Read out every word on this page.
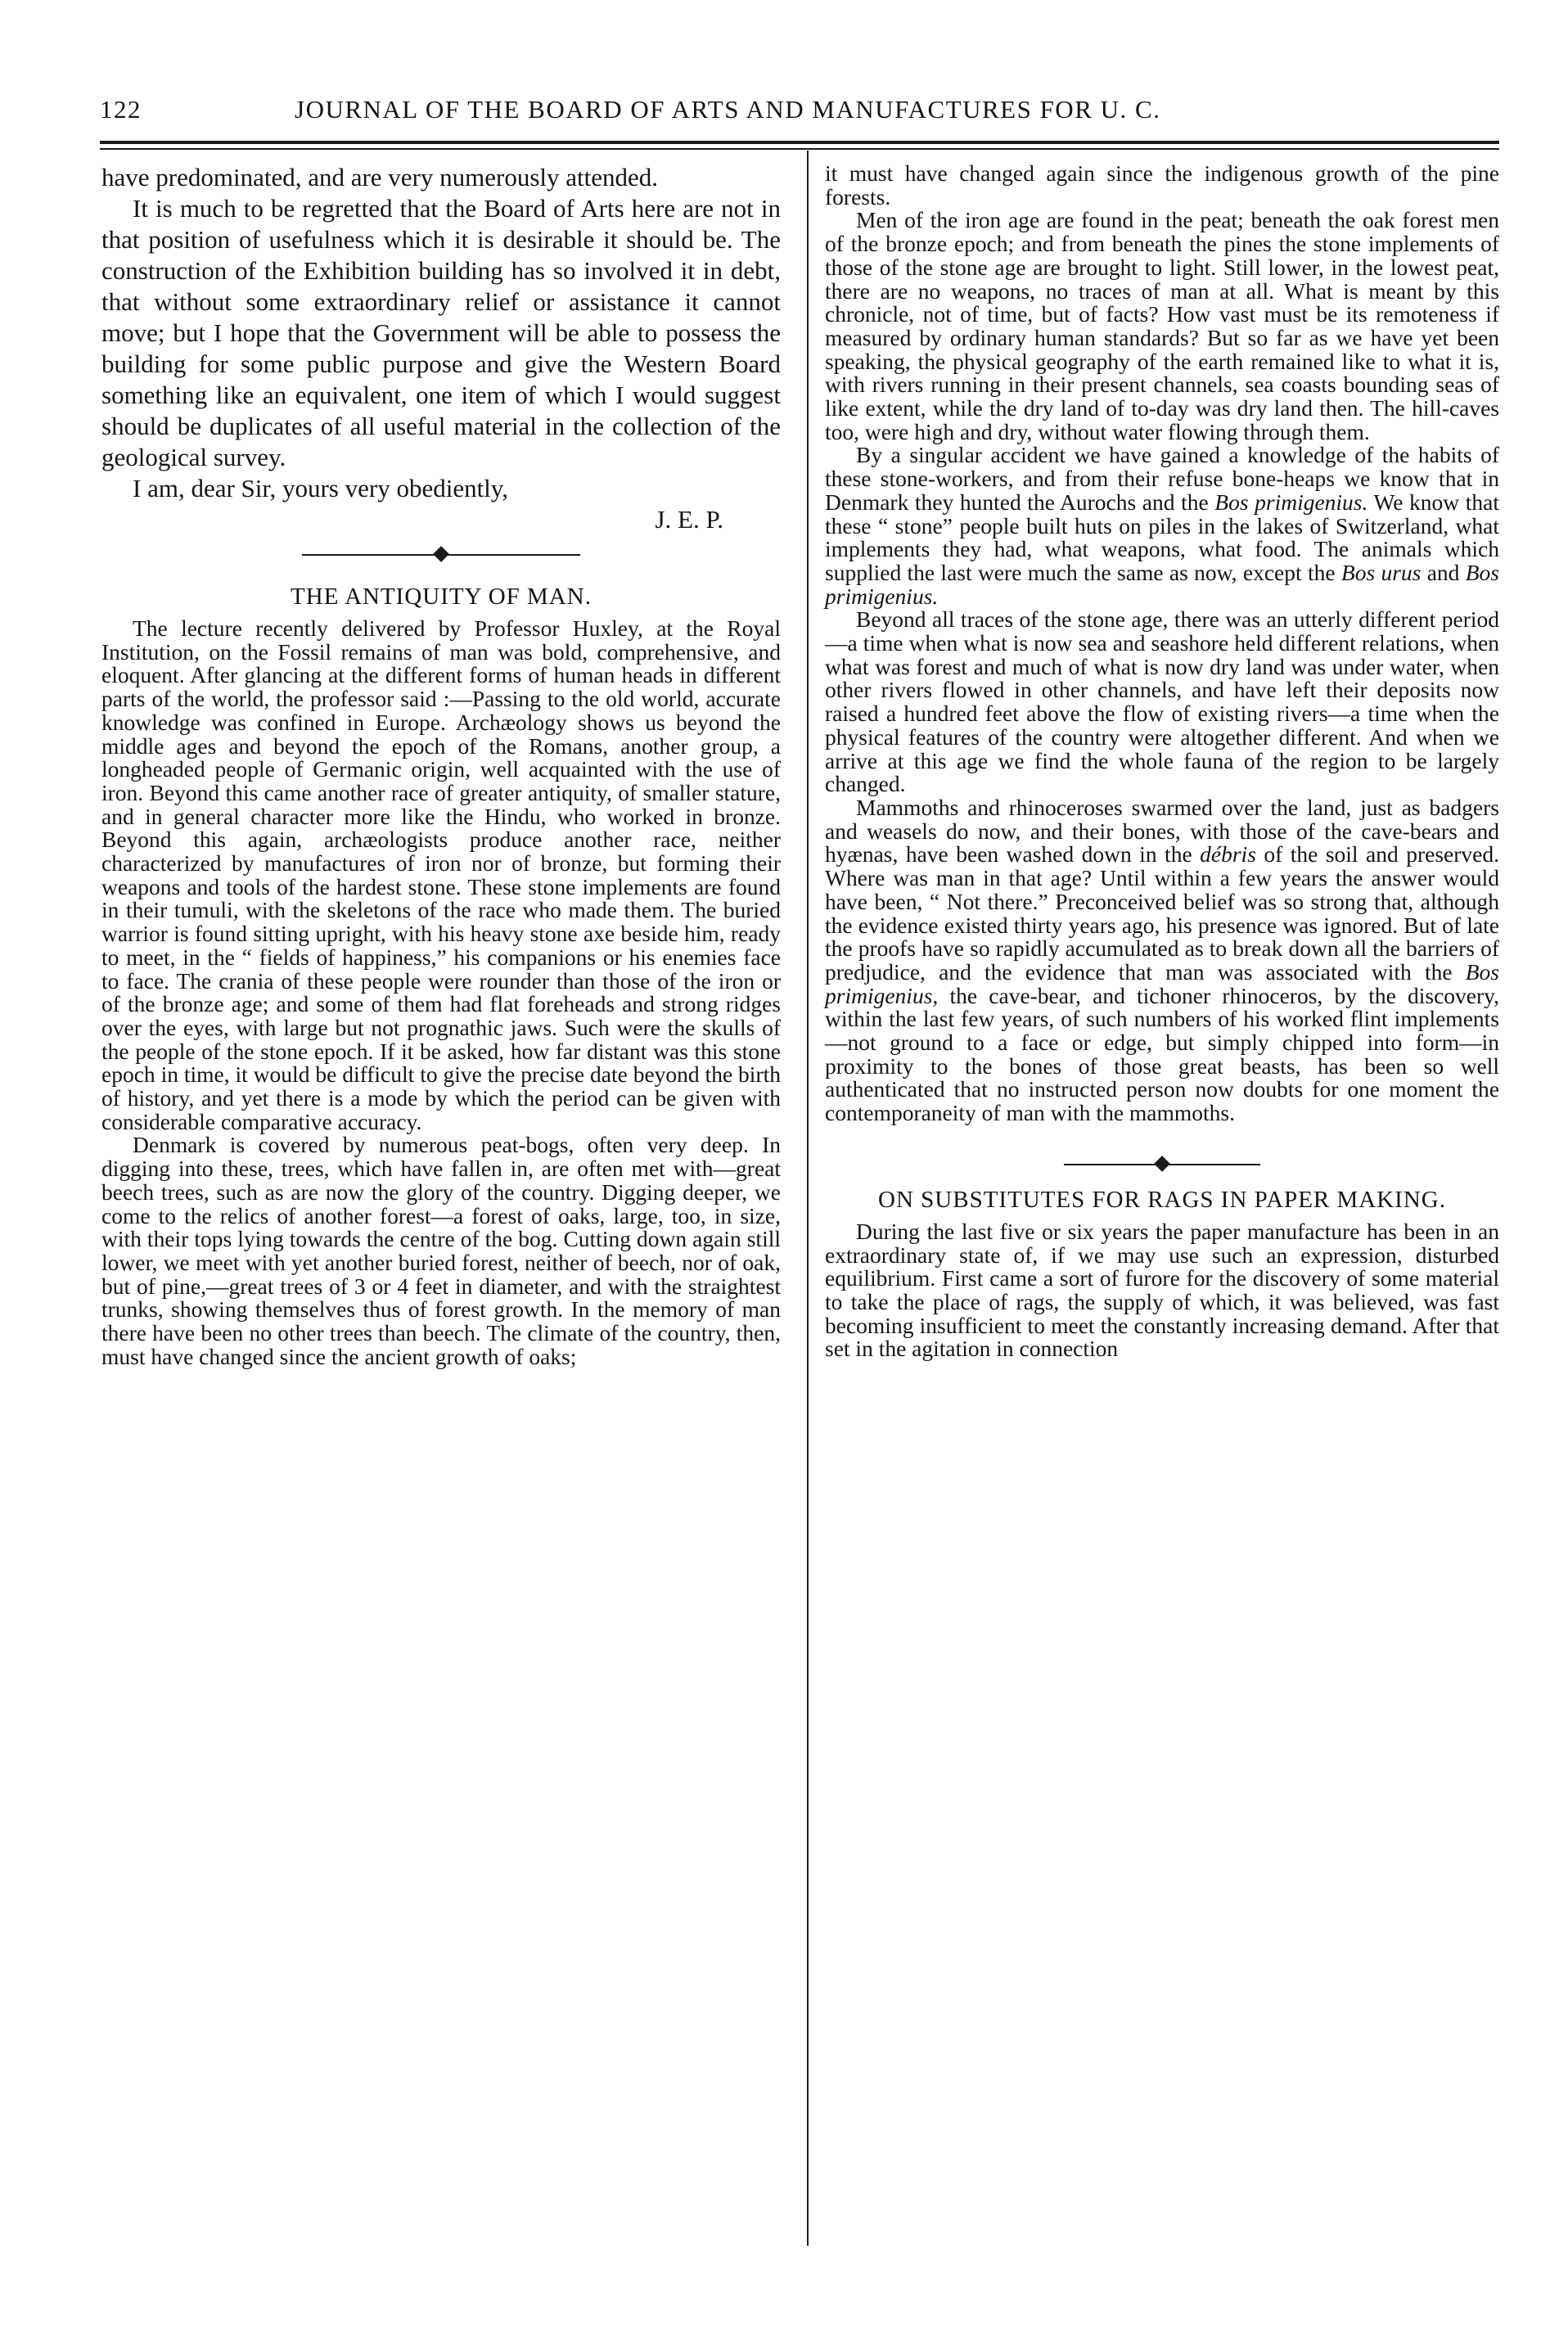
122	JOURNAL OF THE BOARD OF ARTS AND MANUFACTURES FOR U. C.

have predominated, and are very numerously attended.

It is much to be regretted that the Board of Arts here are not in that position of usefulness which it is desirable it should be. The construction of the Exhibition building has so involved it in debt, that without some extraordinary relief or assistance it cannot move; but I hope that the Government will be able to possess the building for some public purpose and give the Western Board something like an equivalent, one item of which I would suggest should be duplicates of all useful material in the collection of the geological survey.

I am, dear Sir, yours very obediently,

J. E. P.

THE ANTIQUITY OF MAN.

The lecture recently delivered by Professor Huxley, at the Royal Institution, on the Fossil remains of man was bold, comprehensive, and eloquent. After glancing at the different forms of human heads in different parts of the world, the professor said :—Passing to the old world, accurate knowledge was confined in Europe. Archæology shows us beyond the middle ages and beyond the epoch of the Romans, another group, a longheaded people of Germanic origin, well acquainted with the use of iron. Beyond this came another race of greater antiquity, of smaller stature, and in general character more like the Hindu, who worked in bronze. Beyond this again, archæologists produce another race, neither characterized by manufactures of iron nor of bronze, but forming their weapons and tools of the hardest stone. These stone implements are found in their tumuli, with the skeletons of the race who made them. The buried warrior is found sitting upright, with his heavy stone axe beside him, ready to meet, in the “ fields of happiness,” his companions or his enemies face to face. The crania of these people were rounder than those of the iron or of the bronze age; and some of them had flat foreheads and strong ridges over the eyes, with large but not prognathic jaws. Such were the skulls of the people of the stone epoch. If it be asked, how far distant was this stone epoch in time, it would be difficult to give the precise date beyond the birth of history, and yet there is a mode by which the period can be given with considerable comparative accuracy.

Denmark is covered by numerous peat-bogs, often very deep. In digging into these, trees, which have fallen in, are often met with—great beech trees, such as are now the glory of the country. Digging deeper, we come to the relics of another forest—a forest of oaks, large, too, in size, with their tops lying towards the centre of the bog. Cutting down again still lower, we meet with yet another buried forest, neither of beech, nor of oak, but of pine,—great trees of 3 or 4 feet in diameter, and with the straightest trunks, showing themselves thus of forest growth. In the memory of man there have been no other trees than beech. The climate of the country, then, must have changed since the ancient growth of oaks;

it must have changed again since the indigenous growth of the pine forests.

Men of the iron age are found in the peat; beneath the oak forest men of the bronze epoch; and from beneath the pines the stone implements of those of the stone age are brought to light. Still lower, in the lowest peat, there are no weapons, no traces of man at all. What is meant by this chronicle, not of time, but of facts? How vast must be its remoteness if measured by ordinary human standards? But so far as we have yet been speaking, the physical geography of the earth remained like to what it is, with rivers running in their present channels, sea coasts bounding seas of like extent, while the dry land of to-day was dry land then. The hill-caves too, were high and dry, without water flowing through them.

By a singular accident we have gained a knowledge of the habits of these stone-workers, and from their refuse bone-heaps we know that in Denmark they hunted the Aurochs and the Bos primigenius. We know that these “ stone” people built huts on piles in the lakes of Switzerland, what implements they had, what weapons, what food. The animals which supplied the last were much the same as now, except the Bos urus and Bos primigenius.

Beyond all traces of the stone age, there was an utterly different period—a time when what is now sea and seashore held different relations, when what was forest and much of what is now dry land was under water, when other rivers flowed in other channels, and have left their deposits now raised a hundred feet above the flow of existing rivers—a time when the physical features of the country were altogether different. And when we arrive at this age we find the whole fauna of the region to be largely changed.

Mammoths and rhinoceroses swarmed over the land, just as badgers and weasels do now, and their bones, with those of the cave-bears and hyænas, have been washed down in the débris of the soil and preserved. Where was man in that age? Until within a few years the answer would have been, “ Not there.” Preconceived belief was so strong that, although the evidence existed thirty years ago, his presence was ignored. But of late the proofs have so rapidly accumulated as to break down all the barriers of predjudice, and the evidence that man was associated with the Bos primigenius, the cave-bear, and tichoner rhinoceros, by the discovery, within the last few years, of such numbers of his worked flint implements—not ground to a face or edge, but simply chipped into form—in proximity to the bones of those great beasts, has been so well authenticated that no instructed person now doubts for one moment the contemporaneity of man with the mammoths.

ON SUBSTITUTES FOR RAGS IN PAPER MAKING.

During the last five or six years the paper manufacture has been in an extraordinary state of, if we may use such an expression, disturbed equilibrium. First came a sort of furore for the discovery of some material to take the place of rags, the supply of which, it was believed, was fast becoming insufficient to meet the constantly increasing demand. After that set in the agitation in connection
